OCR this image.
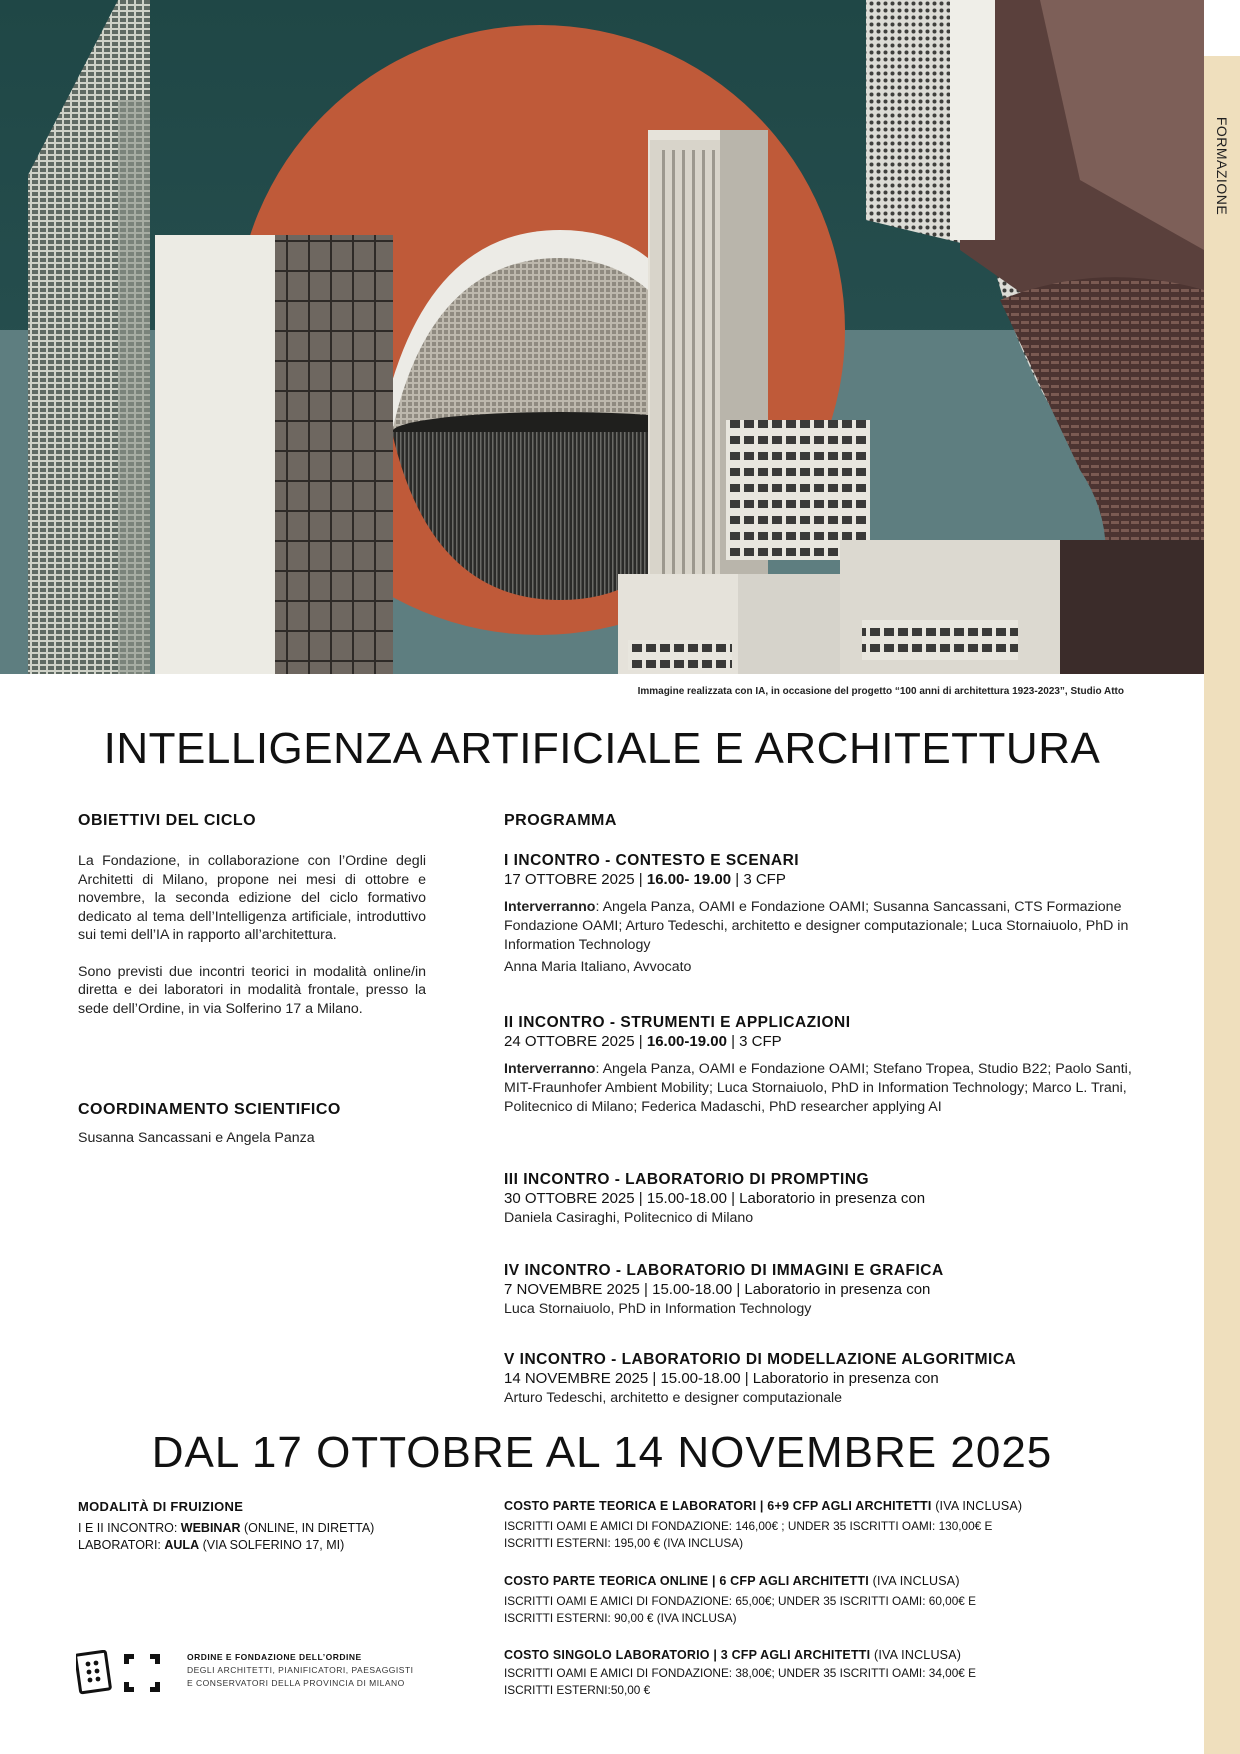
FORMAZIONE
Immagine realizzata con IA, in occasione del progetto “100 anni di architettura 1923-2023”, Studio Atto
INTELLIGENZA ARTIFICIALE E ARCHITETTURA
OBIETTIVI DEL CICLO
La Fondazione, in collaborazione con l’Ordine degli Architetti di Milano, propone nei mesi di ottobre e novembre, la seconda edizione del ciclo formativo dedicato al tema dell’Intelligenza artificiale, introduttivo sui temi dell’IA in rapporto all’architettura.
Sono previsti due incontri teorici in modalità online/in diretta e dei laboratori in modalità frontale, presso la sede dell’Ordine, in via Solferino 17 a Milano.
COORDINAMENTO SCIENTIFICO
Susanna Sancassani e Angela Panza
PROGRAMMA
I INCONTRO - CONTESTO E SCENARI
17 OTTOBRE 2025 | 16.00- 19.00 | 3 CFP
Interverranno: Angela Panza, OAMI e Fondazione OAMI; Susanna Sancassani, CTS Formazione Fondazione OAMI; Arturo Tedeschi, architetto e designer computazionale; Luca Stornaiuolo, PhD in Information Technology
Anna Maria Italiano, Avvocato
II INCONTRO - STRUMENTI E APPLICAZIONI
24 OTTOBRE 2025 | 16.00-19.00 | 3 CFP
Interverranno: Angela Panza, OAMI e Fondazione OAMI; Stefano Tropea, Studio B22; Paolo Santi, MIT-Fraunhofer Ambient Mobility; Luca Stornaiuolo, PhD in Information Technology; Marco L. Trani, Politecnico di Milano; Federica Madaschi, PhD researcher applying AI
III INCONTRO - LABORATORIO DI PROMPTING
30 OTTOBRE 2025 | 15.00-18.00 | Laboratorio in presenza con
Daniela Casiraghi, Politecnico di Milano
IV INCONTRO - LABORATORIO DI IMMAGINI E GRAFICA
7 NOVEMBRE 2025 | 15.00-18.00 | Laboratorio in presenza con
Luca Stornaiuolo, PhD in Information Technology
V INCONTRO - LABORATORIO DI MODELLAZIONE ALGORITMICA
14 NOVEMBRE 2025 | 15.00-18.00 | Laboratorio in presenza con
Arturo Tedeschi, architetto e designer computazionale
DAL 17 OTTOBRE AL 14 NOVEMBRE 2025
MODALITÀ DI FRUIZIONE
I E II INCONTRO: WEBINAR (ONLINE, IN DIRETTA)
LABORATORI: AULA (VIA SOLFERINO 17, MI)
COSTO PARTE TEORICA E LABORATORI | 6+9 CFP AGLI ARCHITETTI (IVA INCLUSA)
ISCRITTI OAMI E AMICI DI FONDAZIONE: 146,00€ ; UNDER 35 ISCRITTI OAMI: 130,00€ E
ISCRITTI ESTERNI: 195,00 € (IVA INCLUSA)
COSTO PARTE TEORICA ONLINE | 6 CFP AGLI ARCHITETTI (IVA INCLUSA)
ISCRITTI OAMI E AMICI DI FONDAZIONE: 65,00€; UNDER 35 ISCRITTI OAMI: 60,00€ E
ISCRITTI ESTERNI: 90,00 € (IVA INCLUSA)
COSTO SINGOLO LABORATORIO | 3 CFP AGLI ARCHITETTI (IVA INCLUSA)
ISCRITTI OAMI E AMICI DI FONDAZIONE: 38,00€; UNDER 35 ISCRITTI OAMI: 34,00€ E
ISCRITTI ESTERNI:50,00 €
ORDINE E FONDAZIONE DELL’ORDINE
DEGLI ARCHITETTI, PIANIFICATORI, PAESAGGISTI
E CONSERVATORI DELLA PROVINCIA DI MILANO
